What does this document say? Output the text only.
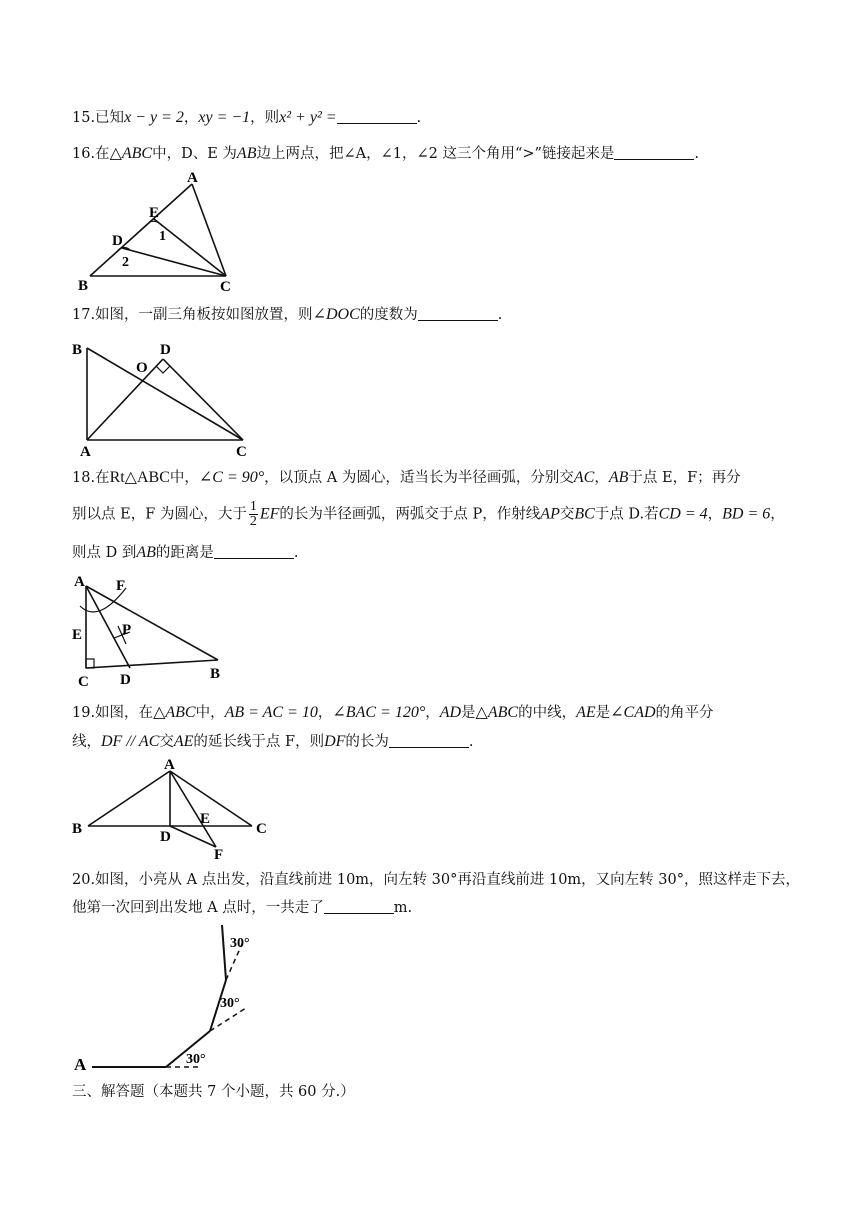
15.已知x − y = 2，xy = −1，则x² + y² =	.
16.在△ABC中，D、E 为AB边上两点，把∠A，∠1，∠2 这三个角用“>”链接起来是	.
A
B	C
D
E
1
2
17.如图，一副三角板按如图放置，则∠DOC的度数为	.
B
A	C
D
O
18.在Rt△ABC中，∠C = 90°，以顶点 A 为圆心，适当长为半径画弧，分别交AC，AB于点 E，F；再分
别以点 E，F 为圆心，大于 $\frac{1}{2}$ EF的长为半径画弧，两弧交于点 P，作射线AP交BC于点 D.若CD = 4，BD = 6，
则点 D 到AB的距离是	.
A F
E	P
C D	B
19.如图，在△ABC中，AB = AC = 10，∠BAC = 120°，AD是△ABC的中线，AE是∠CAD的角平分
线，DF // AC交AE的延长线于点 F，则DF的长为	.
A
B	C
D
E
F
20.如图，小亮从 A 点出发，沿直线前进 10m，向左转 30°再沿直线前进 10m，又向左转 30°，照这样走下去，
他第一次回到出发地 A 点时，一共走了	m.
A	30°
30°
30°
三、解答题（本题共 7 个小题，共 60 分.）
